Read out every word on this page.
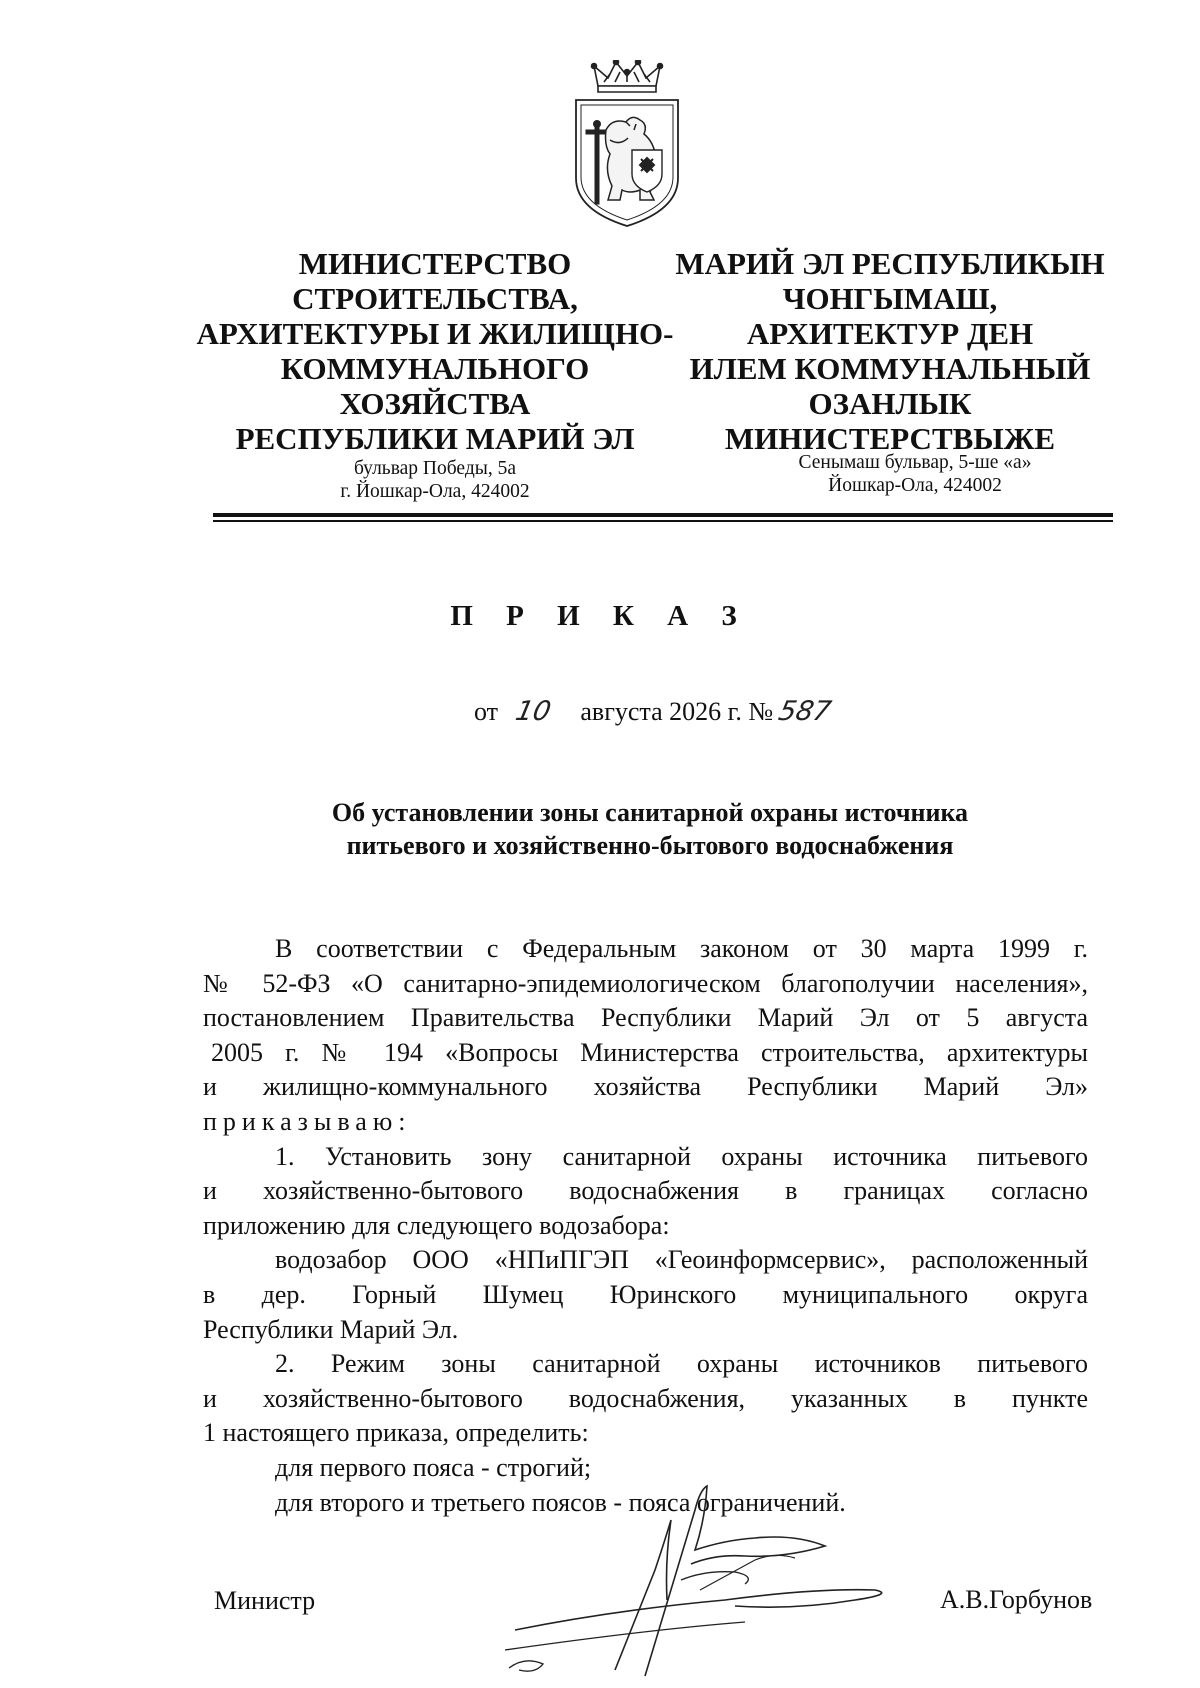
МИНИСТЕРСТВО
СТРОИТЕЛЬСТВА,
АРХИТЕКТУРЫ И ЖИЛИЩНО-
КОММУНАЛЬНОГО
ХОЗЯЙСТВА
РЕСПУБЛИКИ МАРИЙ ЭЛ
МАРИЙ ЭЛ РЕСПУБЛИКЫН
ЧОНГЫМАШ,
АРХИТЕКТУР ДЕН
ИЛЕМ КОММУНАЛЬНЫЙ
ОЗАНЛЫК
МИНИСТЕРСТВЫЖЕ
бульвар Победы, 5а
г. Йошкар-Ола, 424002
Сенымаш бульвар, 5-ше «а»
Йошкар-Ола, 424002
П Р И К А З
от 10 августа 2026 г. № 587
Об установлении зоны санитарной охраны источника
питьевого и хозяйственно-бытового водоснабжения
В соответствии с Федеральным законом от 30 марта 1999 г.
№ 52-ФЗ «О санитарно-эпидемиологическом благополучии населения»,
постановлением Правительства Республики Марий Эл от 5 августа
2005 г. № 194 «Вопросы Министерства строительства, архитектуры
и жилищно-коммунального хозяйства Республики Марий Эл»
приказываю:
1. Установить зону санитарной охраны источника питьевого
и хозяйственно-бытового водоснабжения в границах согласно
приложению для следующего водозабора:
водозабор ООО «НПиПГЭП «Геоинформсервис», расположенный
в дер. Горный Шумец Юринского муниципального округа
Республики Марий Эл.
2. Режим зоны санитарной охраны источников питьевого
и хозяйственно-бытового водоснабжения, указанных в пункте
1 настоящего приказа, определить:
для первого пояса - строгий;
для второго и третьего поясов - пояса ограничений.
Министр	А.В.Горбунов
